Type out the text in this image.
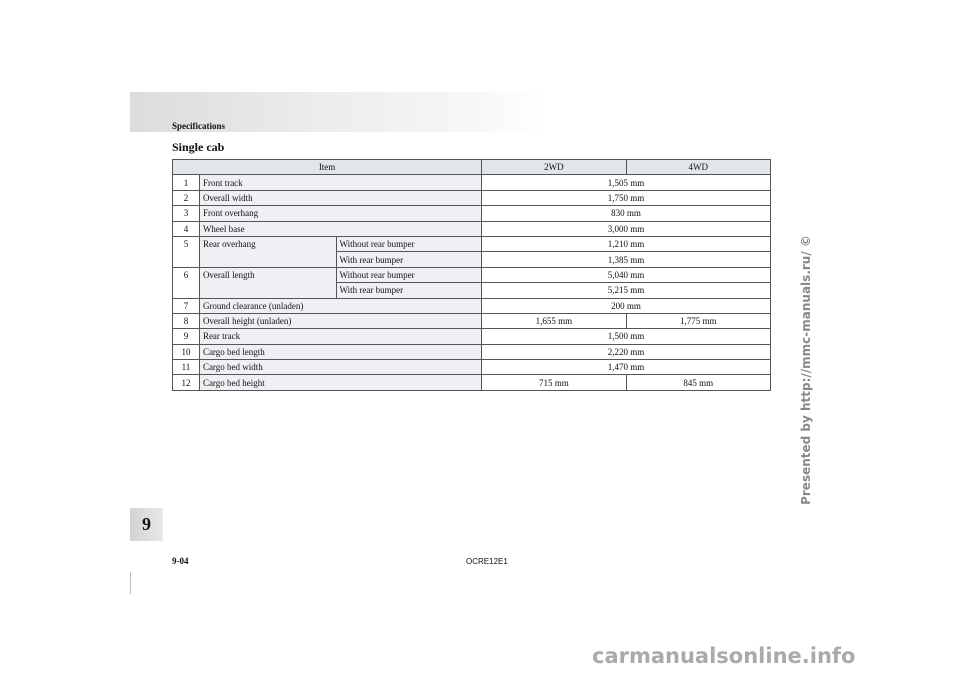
Specifications
Single cab
Item			2WD	4WD
1	Front track		1,505 mm	
2	Overall width		1,750 mm	
3	Front overhang		830 mm	
4	Wheel base		3,000 mm	
5	Rear overhang	Without rear bumper	1,210 mm	
		With rear bumper	1,385 mm	
6	Overall length	Without rear bumper	5,040 mm	
		With rear bumper	5,215 mm	
7	Ground clearance (unladen)		200 mm	
8	Overall height (unladen)		1,655 mm	1,775 mm
9	Rear track		1,500 mm	
10	Cargo bed length		2,220 mm	
11	Cargo bed width		1,470 mm	
12	Cargo bed height		715 mm	845 mm
9
9-04	OCRE12E1
Presented by http://mmc-manuals.ru/ ©
carmanualsonline.info
